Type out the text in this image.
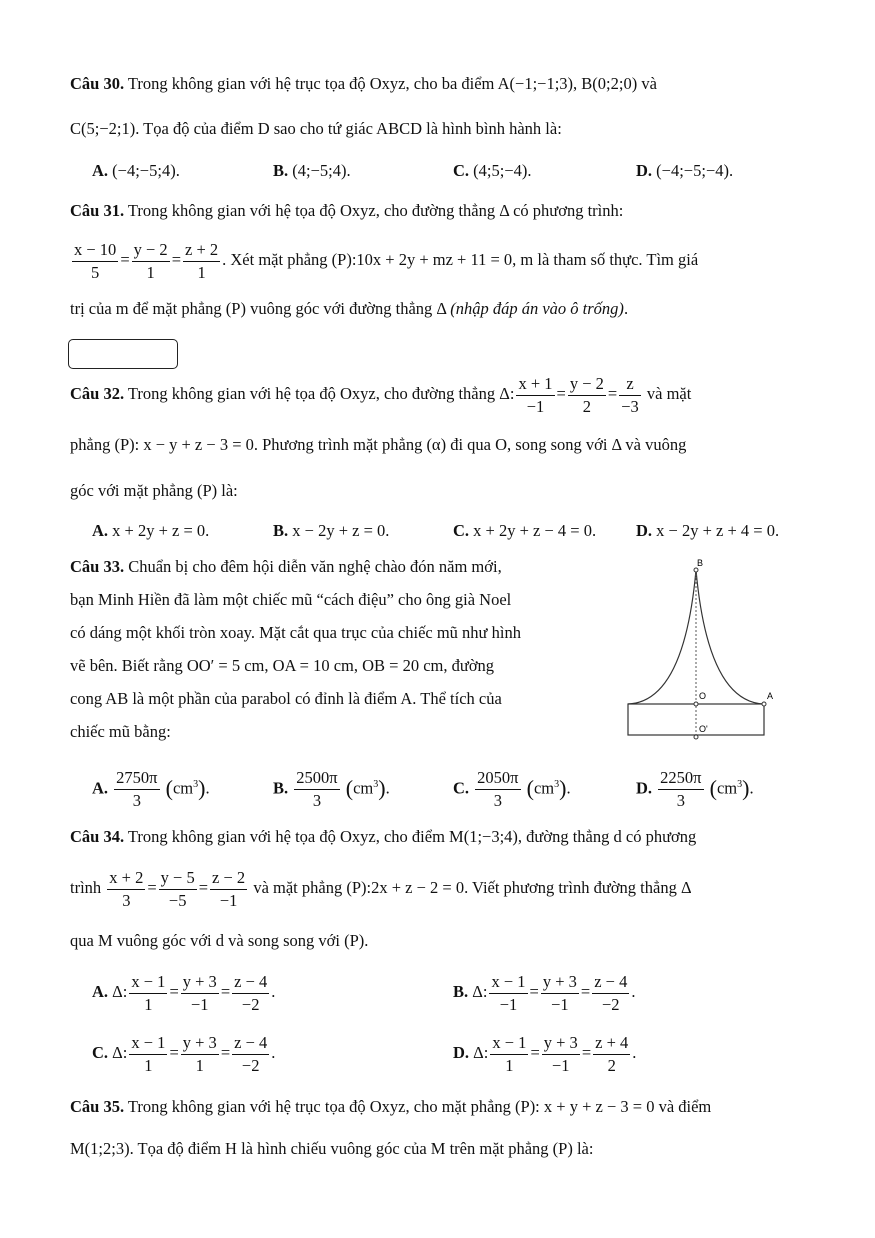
Câu 30. Trong không gian với hệ trục tọa độ Oxyz, cho ba điểm A(−1;−1;3), B(0;2;0) và
C(5;−2;1). Tọa độ của điểm D sao cho tứ giác ABCD là hình bình hành là:
A. (−4;−5;4).	B. (4;−5;4).	C. (4;5;−4).	D. (−4;−5;−4).
Câu 31. Trong không gian với hệ tọa độ Oxyz, cho đường thẳng Δ có phương trình:
$\frac{x - 10}{5} = \frac{y - 2}{1} = \frac{z + 2}{1}$ . Xét mặt phẳng (P):10x + 2y + mz + 11 = 0, m là tham số thực. Tìm giá
trị của m để mặt phẳng (P) vuông góc với đường thẳng Δ (nhập đáp án vào ô trống).
Câu 32. Trong không gian với hệ tọa độ Oxyz, cho đường thẳng Δ: $\frac{x + 1}{-1} = \frac{y - 2}{2} = \frac{z}{-3}$ và mặt
phẳng (P): x − y + z − 3 = 0. Phương trình mặt phẳng (α) đi qua O, song song với Δ và vuông
góc với mặt phẳng (P) là:
A. x + 2y + z = 0.	B. x − 2y + z = 0.	C. x + 2y + z − 4 = 0. D. x − 2y + z + 4 = 0.
Câu 33. Chuẩn bị cho đêm hội diễn văn nghệ chào đón năm mới,
bạn Minh Hiền đã làm một chiếc mũ “cách điệu” cho ông già Noel
có dáng một khối tròn xoay. Mặt cắt qua trục của chiếc mũ như hình
vẽ bên. Biết rằng OO′ = 5 cm, OA = 10 cm, OB = 20 cm, đường
cong AB là một phần của parabol có đỉnh là điểm A. Thể tích của
chiếc mũ bằng:
B
O	A
O'
A. $\frac{2750\pi}{3} (cm^3)$.	B. $\frac{2500\pi}{3} (cm^3)$.	C. $\frac{2050\pi}{3} (cm^3)$.	D. $\frac{2250\pi}{3} (cm^3)$.
Câu 34. Trong không gian với hệ tọa độ Oxyz, cho điểm M(1;−3;4), đường thẳng d có phương
trình $\frac{x + 2}{3} = \frac{y - 5}{-5} = \frac{z - 2}{-1}$ và mặt phẳng (P):2x + z − 2 = 0. Viết phương trình đường thẳng Δ
qua M vuông góc với d và song song với (P).
A. Δ: $\frac{x - 1}{1} = \frac{y + 3}{-1} = \frac{z - 4}{-2}$ .	B. Δ: $\frac{x - 1}{-1} = \frac{y + 3}{-1} = \frac{z - 4}{-2}$ .
C. Δ: $\frac{x - 1}{1} = \frac{y + 3}{1} = \frac{z - 4}{-2}$ .	D. Δ: $\frac{x - 1}{1} = \frac{y + 3}{-1} = \frac{z + 4}{2}$ .
Câu 35. Trong không gian với hệ trục tọa độ Oxyz, cho mặt phẳng (P): x + y + z − 3 = 0 và điểm
M(1;2;3). Tọa độ điểm H là hình chiếu vuông góc của M trên mặt phẳng (P) là:
